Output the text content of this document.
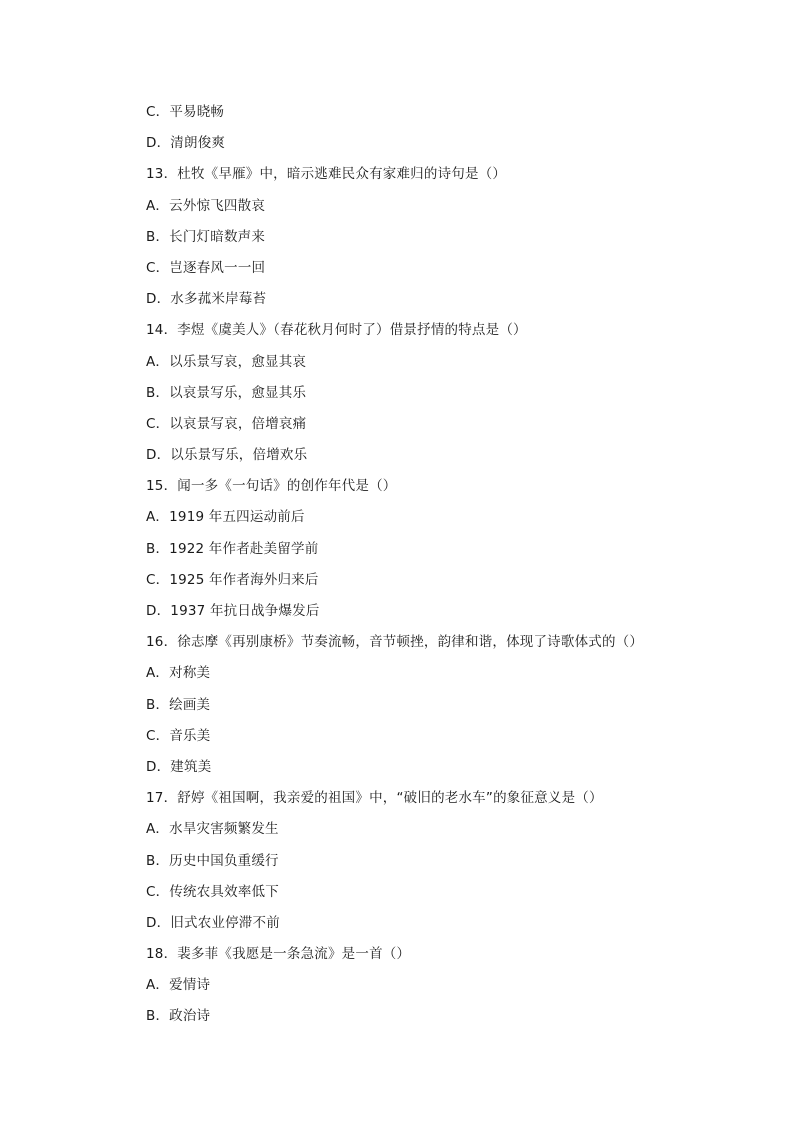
C．平易晓畅
D．清朗俊爽
13．杜牧《早雁》中，暗示逃难民众有家难归的诗句是（）
A．云外惊飞四散哀
B．长门灯暗数声来
C．岂逐春风一一回
D．水多菰米岸莓苔
14．李煜《虞美人》（春花秋月何时了）借景抒情的特点是（）
A．以乐景写哀，愈显其哀
B．以哀景写乐，愈显其乐
C．以哀景写哀，倍增哀痛
D．以乐景写乐，倍增欢乐
15．闻一多《一句话》的创作年代是（）
A．1919 年五四运动前后
B．1922 年作者赴美留学前
C．1925 年作者海外归来后
D．1937 年抗日战争爆发后
16．徐志摩《再别康桥》节奏流畅，音节顿挫，韵律和谐，体现了诗歌体式的（）
A．对称美
B．绘画美
C．音乐美
D．建筑美
17．舒婷《祖国啊，我亲爱的祖国》中，“破旧的老水车”的象征意义是（）
A．水旱灾害频繁发生
B．历史中国负重缓行
C．传统农具效率低下
D．旧式农业停滞不前
18．裴多菲《我愿是一条急流》是一首（）
A．爱情诗
B．政治诗
